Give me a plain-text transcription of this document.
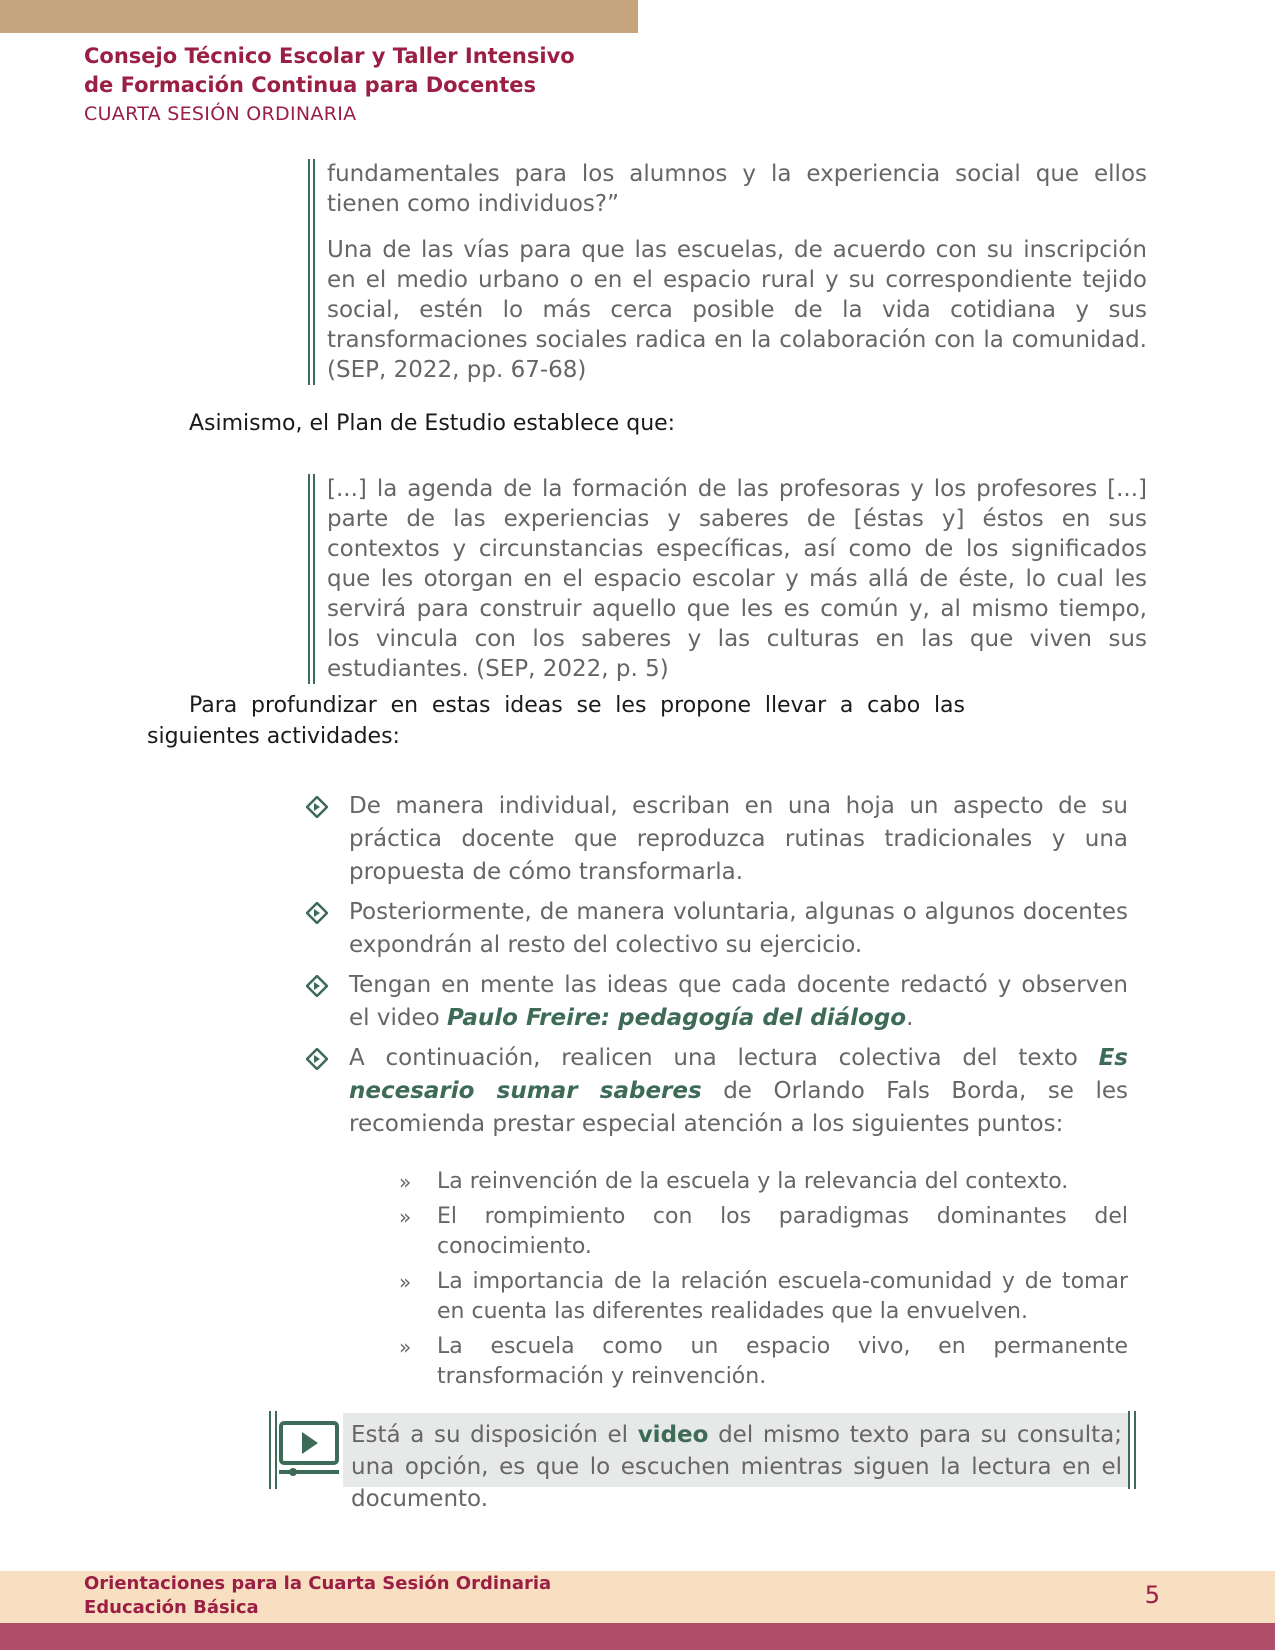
Consejo Técnico Escolar y Taller Intensivo
de Formación Continua para Docentes
CUARTA SESIÓN ORDINARIA

fundamentales para los alumnos y la experiencia social que ellos tienen como individuos?”

Una de las vías para que las escuelas, de acuerdo con su inscripción en el medio urbano o en el espacio rural y su correspondiente tejido social, estén lo más cerca posible de la vida cotidiana y sus transformaciones sociales radica en la colaboración con la comunidad. (SEP, 2022, pp. 67-68)

Asimismo, el Plan de Estudio establece que:

[...] la agenda de la formación de las profesoras y los profesores [...] parte de las experiencias y saberes de [éstas y] éstos en sus contextos y circunstancias específicas, así como de los significados que les otorgan en el espacio escolar y más allá de éste, lo cual les servirá para construir aquello que les es común y, al mismo tiempo, los vincula con los saberes y las culturas en las que viven sus estudiantes. (SEP, 2022, p. 5)

Para profundizar en estas ideas se les propone llevar a cabo las
siguientes actividades:
De manera individual, escriban en una hoja un aspecto de su práctica docente que reproduzca rutinas tradicionales y una propuesta de cómo transformarla.
Posteriormente, de manera voluntaria, algunas o algunos docentes expondrán al resto del colectivo su ejercicio.
Tengan en mente las ideas que cada docente redactó y observen el video Paulo Freire: pedagogía del diálogo.
A continuación, realicen una lectura colectiva del texto Es necesario sumar saberes de Orlando Fals Borda, se les recomienda prestar especial atención a los siguientes puntos:
» La reinvención de la escuela y la relevancia del contexto.
» El rompimiento con los paradigmas dominantes del conocimiento.
» La importancia de la relación escuela-comunidad y de tomar en cuenta las diferentes realidades que la envuelven.
» La escuela como un espacio vivo, en permanente transformación y reinvención.
Está a su disposición el video del mismo texto para su consulta; una opción, es que lo escuchen mientras siguen la lectura en el documento.
Orientaciones para la Cuarta Sesión Ordinaria
Educación Básica	5
